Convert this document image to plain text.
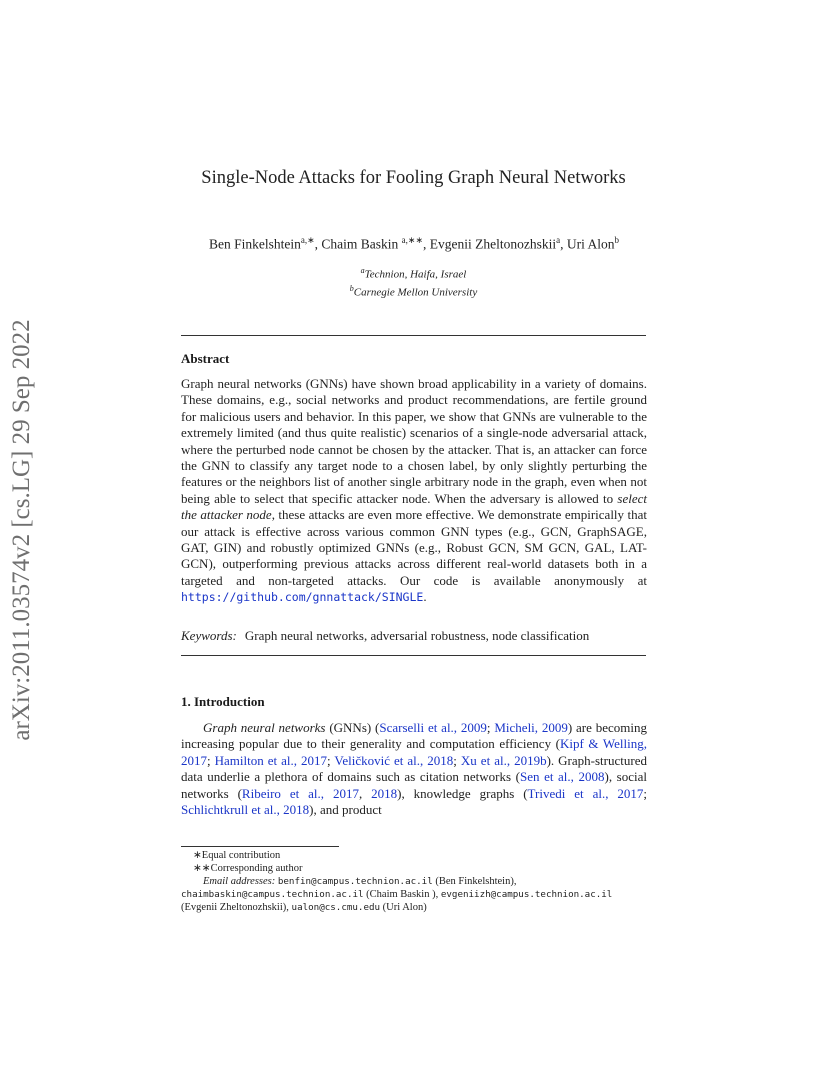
arXiv:2011.03574v2 [cs.LG] 29 Sep 2022
Single-Node Attacks for Fooling Graph Neural Networks
Ben Finkelshtein$^{a,∗}$, Chaim Baskin $^{a,∗∗}$, Evgenii Zheltonozhskii$^a$, Uri Alon$^b$
$^a$Technion, Haifa, Israel
$^b$Carnegie Mellon University
Abstract
Graph neural networks (GNNs) have shown broad applicability in a variety of domains. These domains, e.g., social networks and product recommendations, are fertile ground for malicious users and behavior. In this paper, we show that GNNs are vulnerable to the extremely limited (and thus quite realistic) scenarios of a single-node adversarial attack, where the perturbed node cannot be chosen by the attacker. That is, an attacker can force the GNN to classify any target node to a chosen label, by only slightly perturbing the features or the neighbors list of another single arbitrary node in the graph, even when not being able to select that specific attacker node. When the adversary is allowed to select the attacker node, these attacks are even more effective. We demonstrate empirically that our attack is effective across various common GNN types (e.g., GCN, GraphSAGE, GAT, GIN) and robustly optimized GNNs (e.g., Robust GCN, SM GCN, GAL, LAT-GCN), outperforming previous attacks across different real-world datasets both in a targeted and non-targeted attacks. Our code is available anonymously at https://github.com/gnnattack/SINGLE.
Keywords: Graph neural networks, adversarial robustness, node classification
1. Introduction
Graph neural networks (GNNs) (Scarselli et al., 2009; Micheli, 2009) are becoming increasing popular due to their generality and computation efficiency (Kipf & Welling, 2017; Hamilton et al., 2017; Veličković et al., 2018; Xu et al., 2019b). Graph-structured data underlie a plethora of domains such as citation networks (Sen et al., 2008), social networks (Ribeiro et al., 2017, 2018), knowledge graphs (Trivedi et al., 2017; Schlichtkrull et al., 2018), and product
∗Equal contribution
∗∗Corresponding author
Email addresses: benfin@campus.technion.ac.il (Ben Finkelshtein),
chaimbaskin@campus.technion.ac.il (Chaim Baskin ), evgeniizh@campus.technion.ac.il
(Evgenii Zheltonozhskii), ualon@cs.cmu.edu (Uri Alon)
